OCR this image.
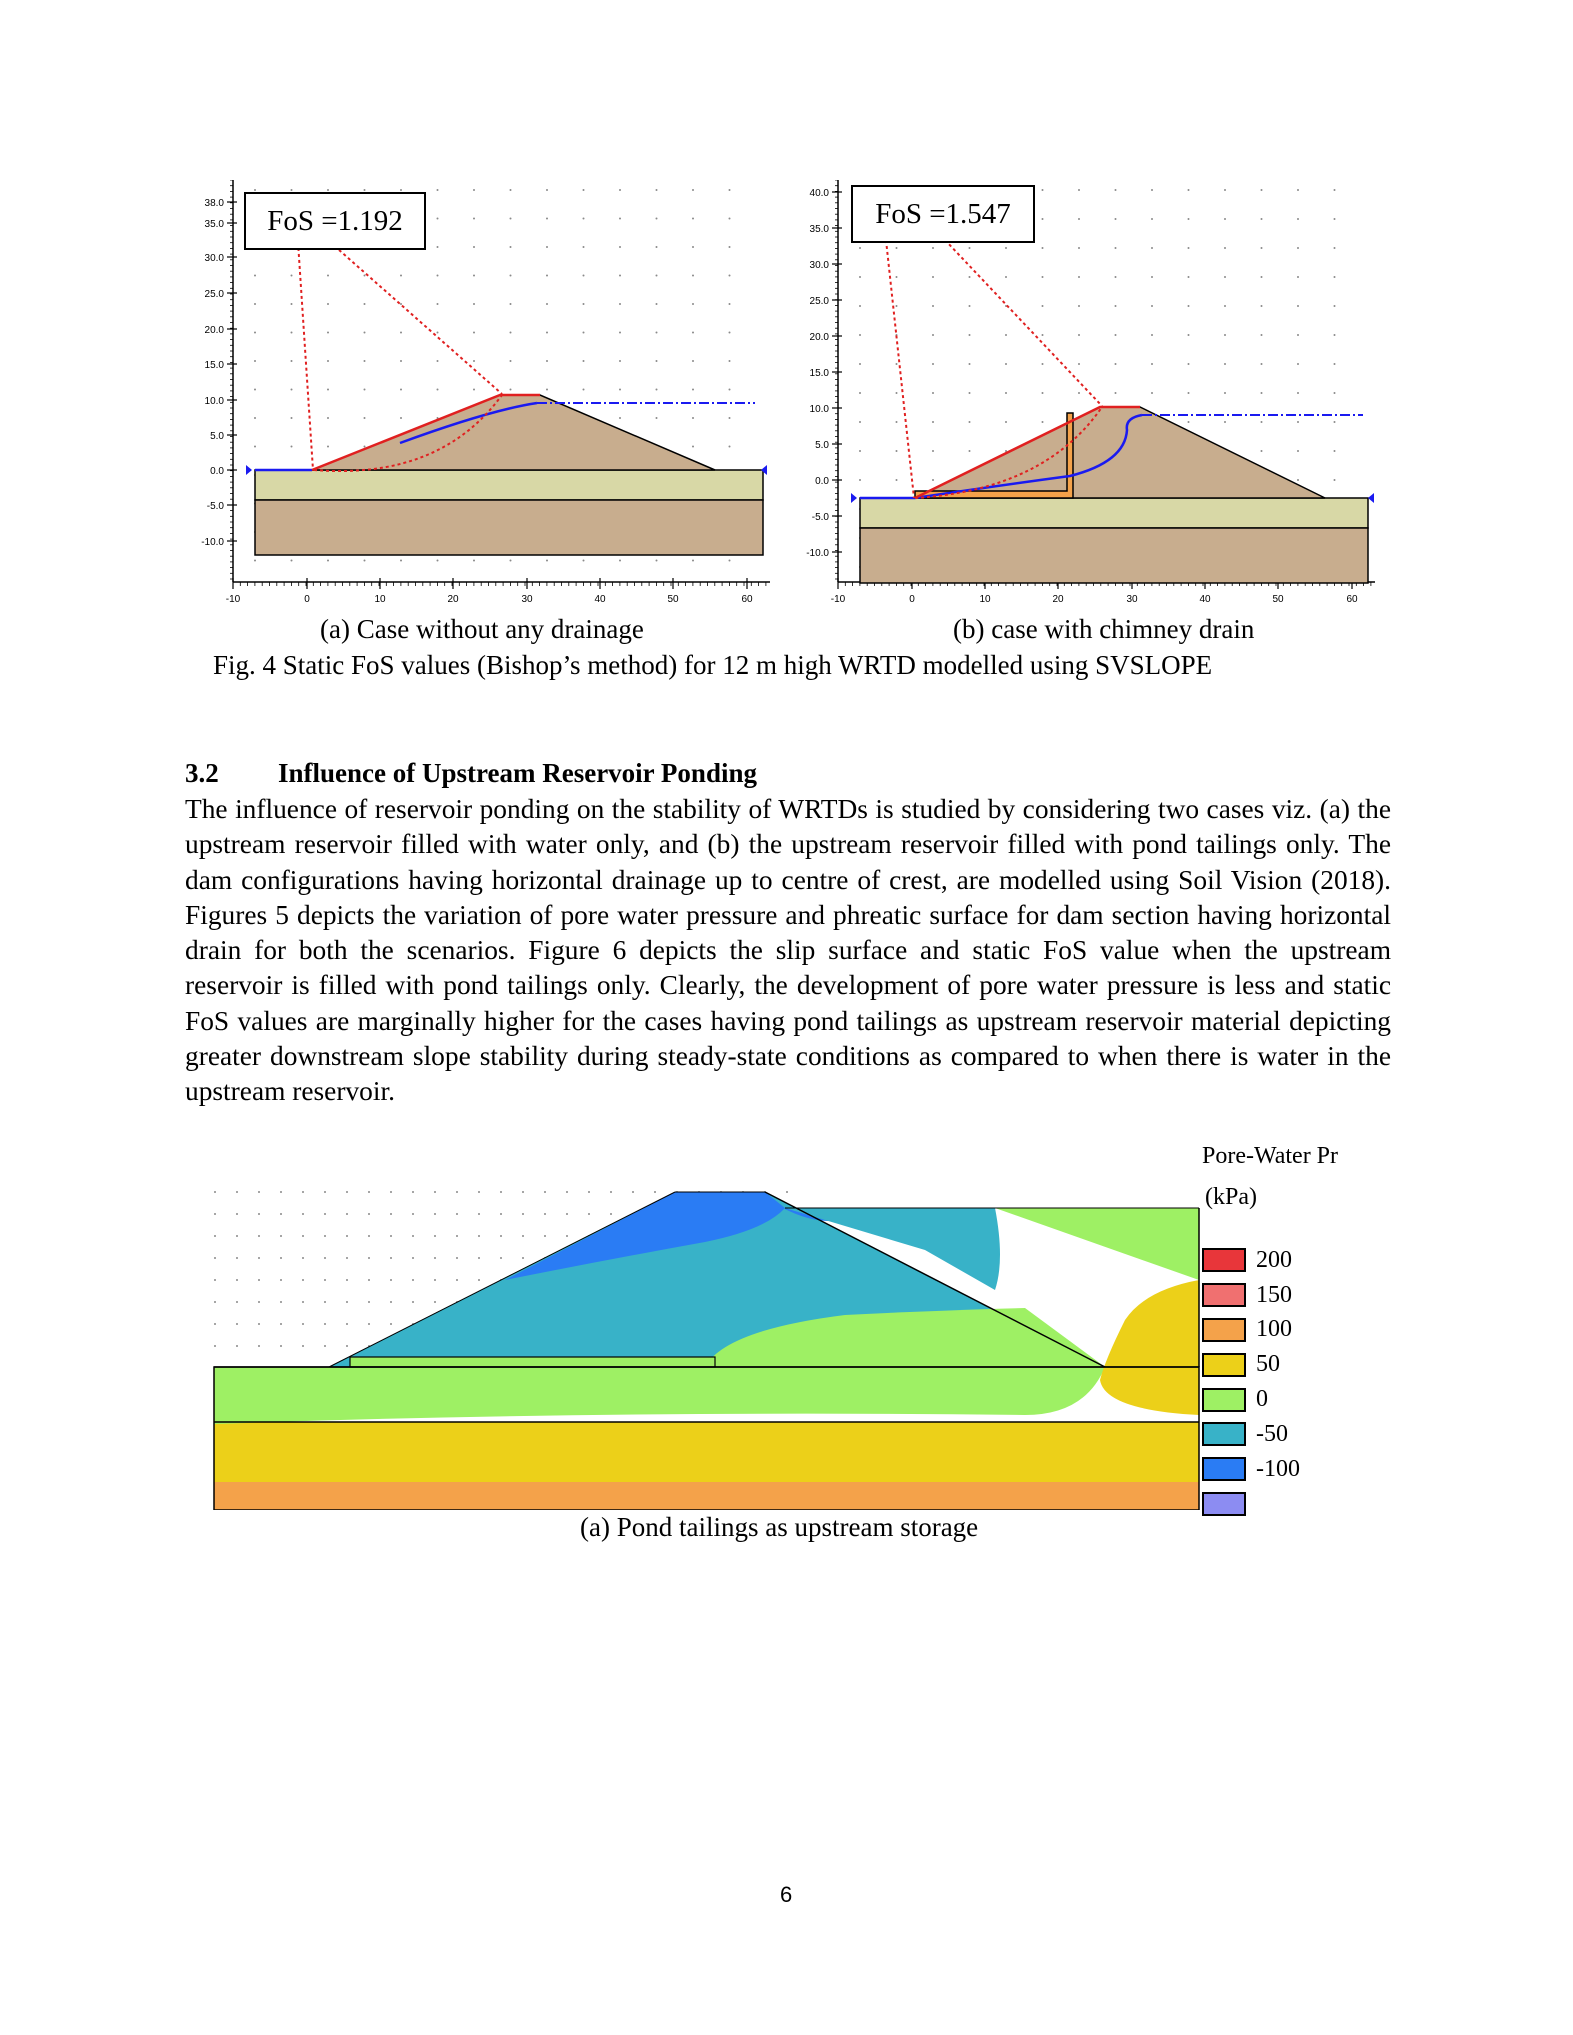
38.0
35.0
30.0
25.0
20.0
15.0
10.0
5.0
0.0
-5.0
-10.0
-10	0	10	20	30	40	50	60
FoS =1.192
40.0
35.0
30.0
25.0
20.0
15.0
10.0
5.0
0.0
-5.0
-10.0
-10	0	10	20	30	40	50	60
FoS =1.547
(a) Case without any drainage	(b) case with chimney drain
Fig. 4 Static FoS values (Bishop’s method) for 12 m high WRTD modelled using SVSLOPE
3.2 Influence of Upstream Reservoir Ponding
The influence of reservoir ponding on the stability of WRTDs is studied by considering two cases viz. (a) the upstream reservoir filled with water only, and (b) the upstream reservoir filled with pond tailings only. The dam configurations having horizontal drainage up to centre of crest, are modelled using Soil Vision (2018). Figures 5 depicts the variation of pore water pressure and phreatic surface for dam section having horizontal drain for both the scenarios. Figure 6 depicts the slip surface and static FoS value when the upstream reservoir is filled with pond tailings only. Clearly, the development of pore water pressure is less and static FoS values are marginally higher for the cases having pond tailings as upstream reservoir material depicting greater downstream slope stability during steady-state conditions as compared to when there is water in the upstream reservoir.
Pore-Water Pr
(kPa)
200
150
100
50
0
-50
-100
(a) Pond tailings as upstream storage
6
